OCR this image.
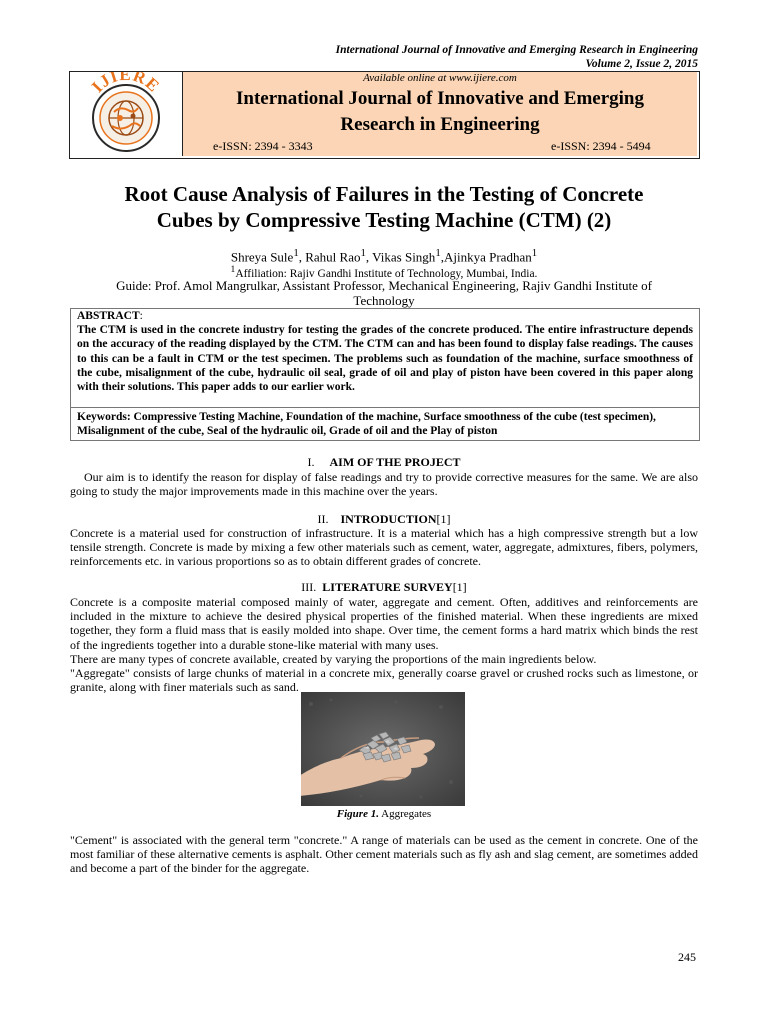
International Journal of Innovative and Emerging Research in Engineering
Volume 2, Issue 2, 2015
IJIERE	Available online at www.ijiere.com
International Journal of Innovative and Emerging
Research in Engineering
e-ISSN: 2394 - 3343	e-ISSN: 2394 - 5494
Root Cause Analysis of Failures in the Testing of Concrete
Cubes by Compressive Testing Machine (CTM) (2)
Shreya Sule$^1$, Rahul Rao$^1$, Vikas Singh$^1$,Ajinkya Pradhan$^1$
$^1$Affiliation: Rajiv Gandhi Institute of Technology, Mumbai, India.
Guide: Prof. Amol Mangrulkar, Assistant Professor, Mechanical Engineering, Rajiv Gandhi Institute of Technology
ABSTRACT:
The CTM is used in the concrete industry for testing the grades of the concrete produced. The entire infrastructure depends on the accuracy of the reading displayed by the CTM. The CTM can and has been found to display false readings. The causes to this can be a fault in CTM or the test specimen. The problems such as foundation of the machine, surface smoothness of the cube, misalignment of the cube, hydraulic oil seal, grade of oil and play of piston have been covered in this paper along with their solutions. This paper adds to our earlier work.
Keywords: Compressive Testing Machine, Foundation of the machine, Surface smoothness of the cube (test specimen), Misalignment of the cube, Seal of the hydraulic oil, Grade of oil and the Play of piston
I. AIM OF THE PROJECT
Our aim is to identify the reason for display of false readings and try to provide corrective measures for the same. We are also going to study the major improvements made in this machine over the years.
II. INTRODUCTION[1]
Concrete is a material used for construction of infrastructure. It is a material which has a high compressive strength but a low tensile strength. Concrete is made by mixing a few other materials such as cement, water, aggregate, admixtures, fibers, polymers, reinforcements etc. in various proportions so as to obtain different grades of concrete.
III. LITERATURE SURVEY[1]
Concrete is a composite material composed mainly of water, aggregate and cement. Often, additives and reinforcements are included in the mixture to achieve the desired physical properties of the finished material. When these ingredients are mixed together, they form a fluid mass that is easily molded into shape. Over time, the cement forms a hard matrix which binds the rest of the ingredients together into a durable stone-like material with many uses.
There are many types of concrete available, created by varying the proportions of the main ingredients below.
"Aggregate" consists of large chunks of material in a concrete mix, generally coarse gravel or crushed rocks such as limestone, or granite, along with finer materials such as sand.
Figure 1. Aggregates
"Cement" is associated with the general term "concrete." A range of materials can be used as the cement in concrete. One of the most familiar of these alternative cements is asphalt. Other cement materials such as fly ash and slag cement, are sometimes added and become a part of the binder for the aggregate.
245
